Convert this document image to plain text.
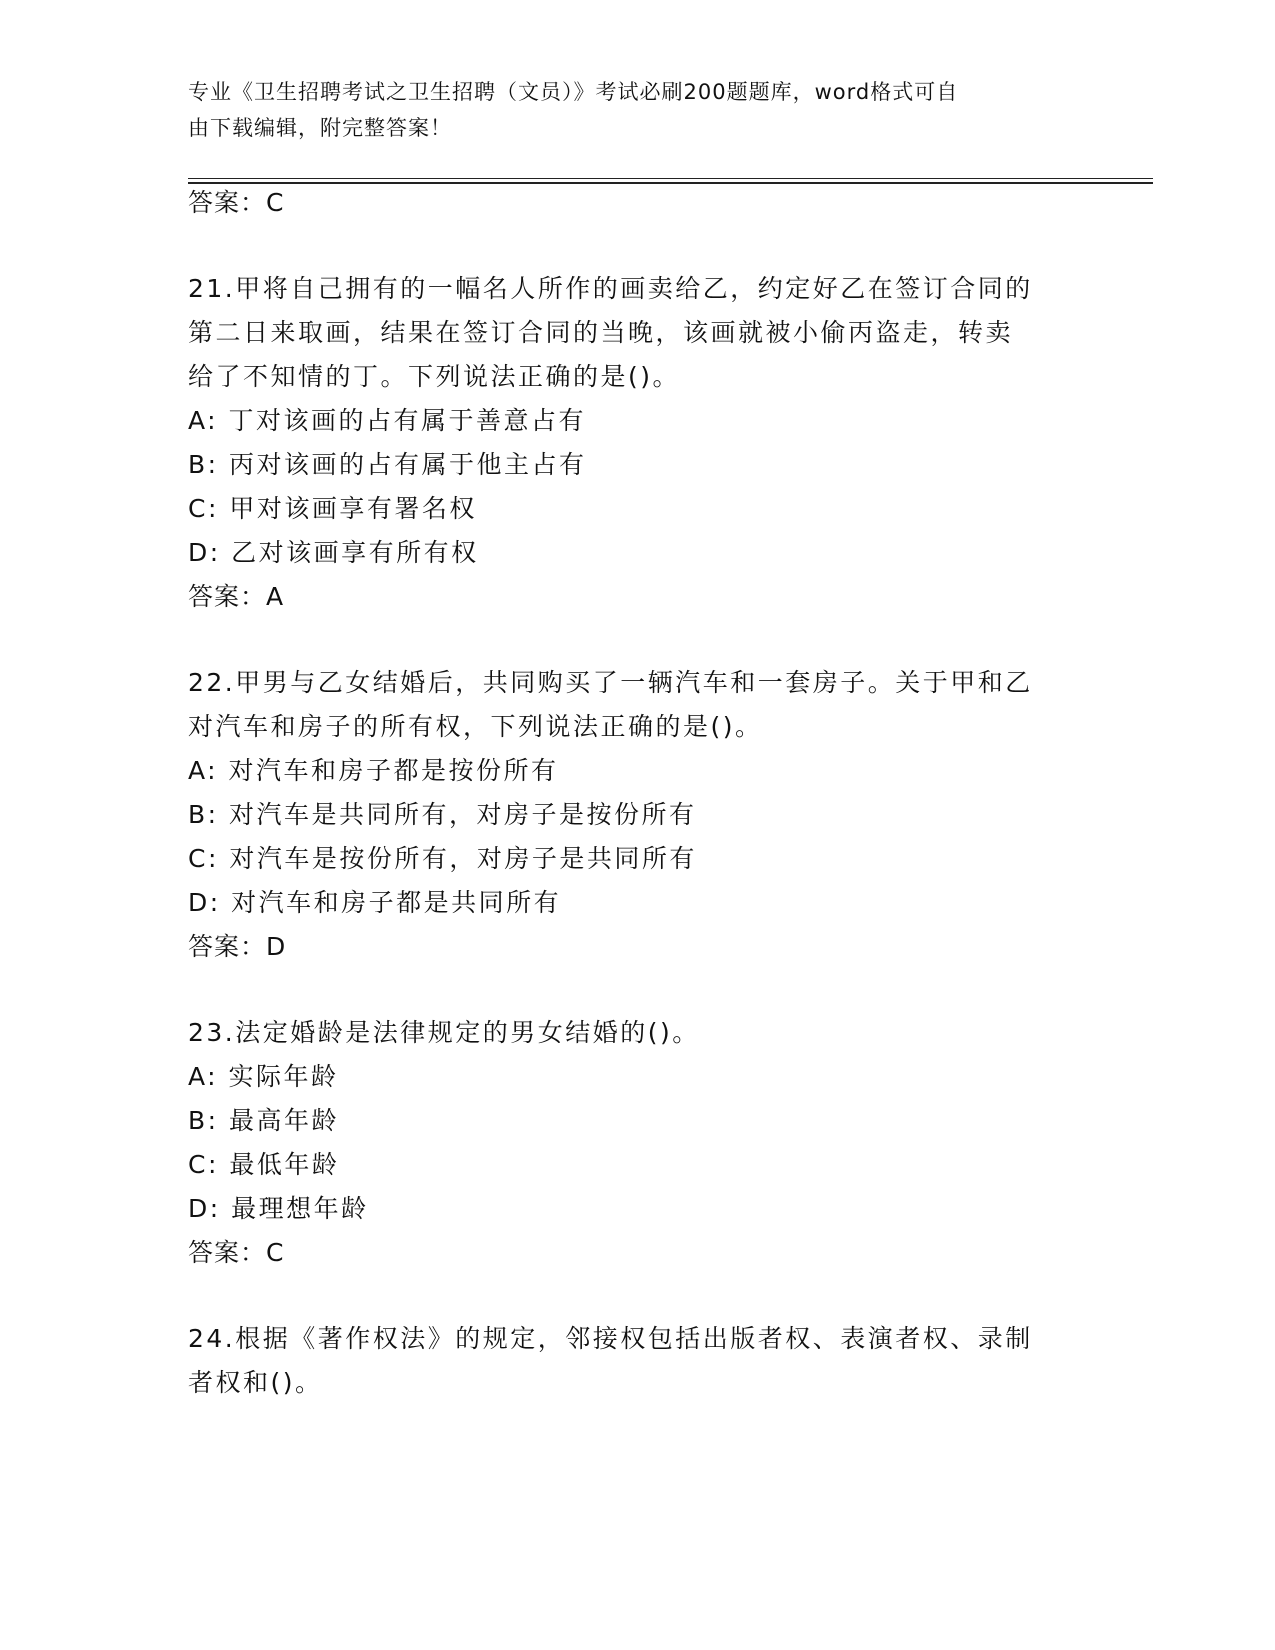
专业《卫生招聘考试之卫生招聘（文员）》考试必刷200题题库，word格式可自
由下载编辑，附完整答案！
答案：C
21.甲将自己拥有的一幅名人所作的画卖给乙，约定好乙在签订合同的
第二日来取画，结果在签订合同的当晚，该画就被小偷丙盗走，转卖
给了不知情的丁。下列说法正确的是()。
A: 丁对该画的占有属于善意占有
B: 丙对该画的占有属于他主占有
C: 甲对该画享有署名权
D: 乙对该画享有所有权
答案：A
22.甲男与乙女结婚后，共同购买了一辆汽车和一套房子。关于甲和乙
对汽车和房子的所有权，下列说法正确的是()。
A: 对汽车和房子都是按份所有
B: 对汽车是共同所有，对房子是按份所有
C: 对汽车是按份所有，对房子是共同所有
D: 对汽车和房子都是共同所有
答案：D
23.法定婚龄是法律规定的男女结婚的()。
A: 实际年龄
B: 最高年龄
C: 最低年龄
D: 最理想年龄
答案：C
24.根据《著作权法》的规定，邻接权包括出版者权、表演者权、录制
者权和()。
